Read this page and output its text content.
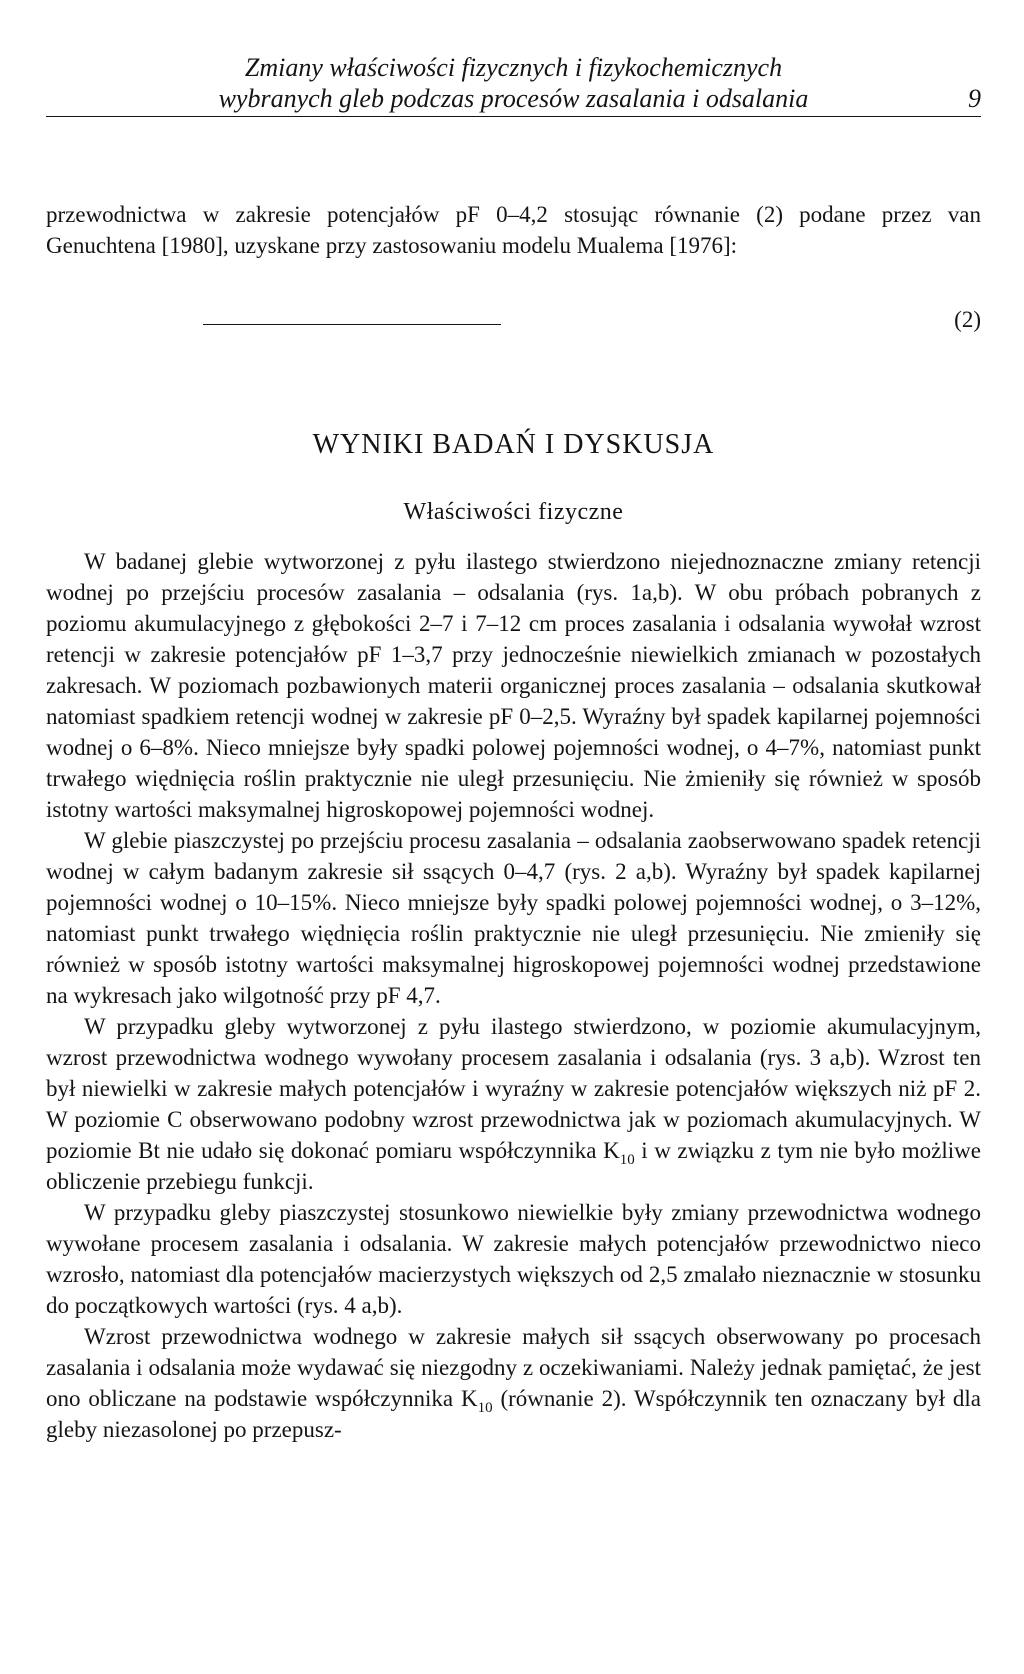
Zmiany właściwości fizycznych i fizykochemicznych
wybranych gleb podczas procesów zasalania i odsalania	9

przewodnictwa w zakresie potencjałów pF 0–4,2 stosując równanie (2) podane przez van Genuchtena [1980], uzyskane przy zastosowaniu modelu Mualema [1976]:

(2)
WYNIKI BADAŃ I DYSKUSJA
Właściwości fizyczne

W badanej glebie wytworzonej z pyłu ilastego stwierdzono niejednoznaczne zmiany retencji wodnej po przejściu procesów zasalania – odsalania (rys. 1a,b). W obu próbach pobranych z poziomu akumulacyjnego z głębokości 2–7 i 7–12 cm proces zasalania i odsalania wywołał wzrost retencji w zakresie potencjałów pF 1–3,7 przy jednocześnie niewielkich zmianach w pozostałych zakresach. W poziomach pozbawionych materii organicznej proces zasalania – odsalania skutkował natomiast spadkiem retencji wodnej w zakresie pF 0–2,5. Wyraźny był spadek kapilarnej pojemności wodnej o 6–8%. Nieco mniejsze były spadki polowej pojemności wodnej, o 4–7%, natomiast punkt trwałego więdnięcia roślin praktycznie nie uległ przesunięciu. Nie żmieniły się również w sposób istotny wartości maksymalnej higroskopowej pojemności wodnej.

W glebie piaszczystej po przejściu procesu zasalania – odsalania zaobserwowano spadek retencji wodnej w całym badanym zakresie sił ssących 0–4,7 (rys. 2 a,b). Wyraźny był spadek kapilarnej pojemności wodnej o 10–15%. Nieco mniejsze były spadki polowej pojemności wodnej, o 3–12%, natomiast punkt trwałego więdnięcia roślin praktycznie nie uległ przesunięciu. Nie zmieniły się również w sposób istotny wartości maksymalnej higroskopowej pojemności wodnej przedstawione na wykresach jako wilgotność przy pF 4,7.

W przypadku gleby wytworzonej z pyłu ilastego stwierdzono, w poziomie akumulacyjnym, wzrost przewodnictwa wodnego wywołany procesem zasalania i odsalania (rys. 3 a,b). Wzrost ten był niewielki w zakresie małych potencjałów i wyraźny w zakresie potencjałów większych niż pF 2. W poziomie C obserwowano podobny wzrost przewodnictwa jak w poziomach akumulacyjnych. W poziomie Bt nie udało się dokonać pomiaru współczynnika $K_{10}$ i w związku z tym nie było możliwe obliczenie przebiegu funkcji.

W przypadku gleby piaszczystej stosunkowo niewielkie były zmiany przewodnictwa wodnego wywołane procesem zasalania i odsalania. W zakresie małych potencjałów przewodnictwo nieco wzrosło, natomiast dla potencjałów macierzystych większych od 2,5 zmalało nieznacznie w stosunku do początkowych wartości (rys. 4 a,b).

Wzrost przewodnictwa wodnego w zakresie małych sił ssących obserwowany po procesach zasalania i odsalania może wydawać się niezgodny z oczekiwaniami. Należy jednak pamiętać, że jest ono obliczane na podstawie współczynnika $K_{10}$ (równanie 2). Współczynnik ten oznaczany był dla gleby niezasolonej po przepusz-
